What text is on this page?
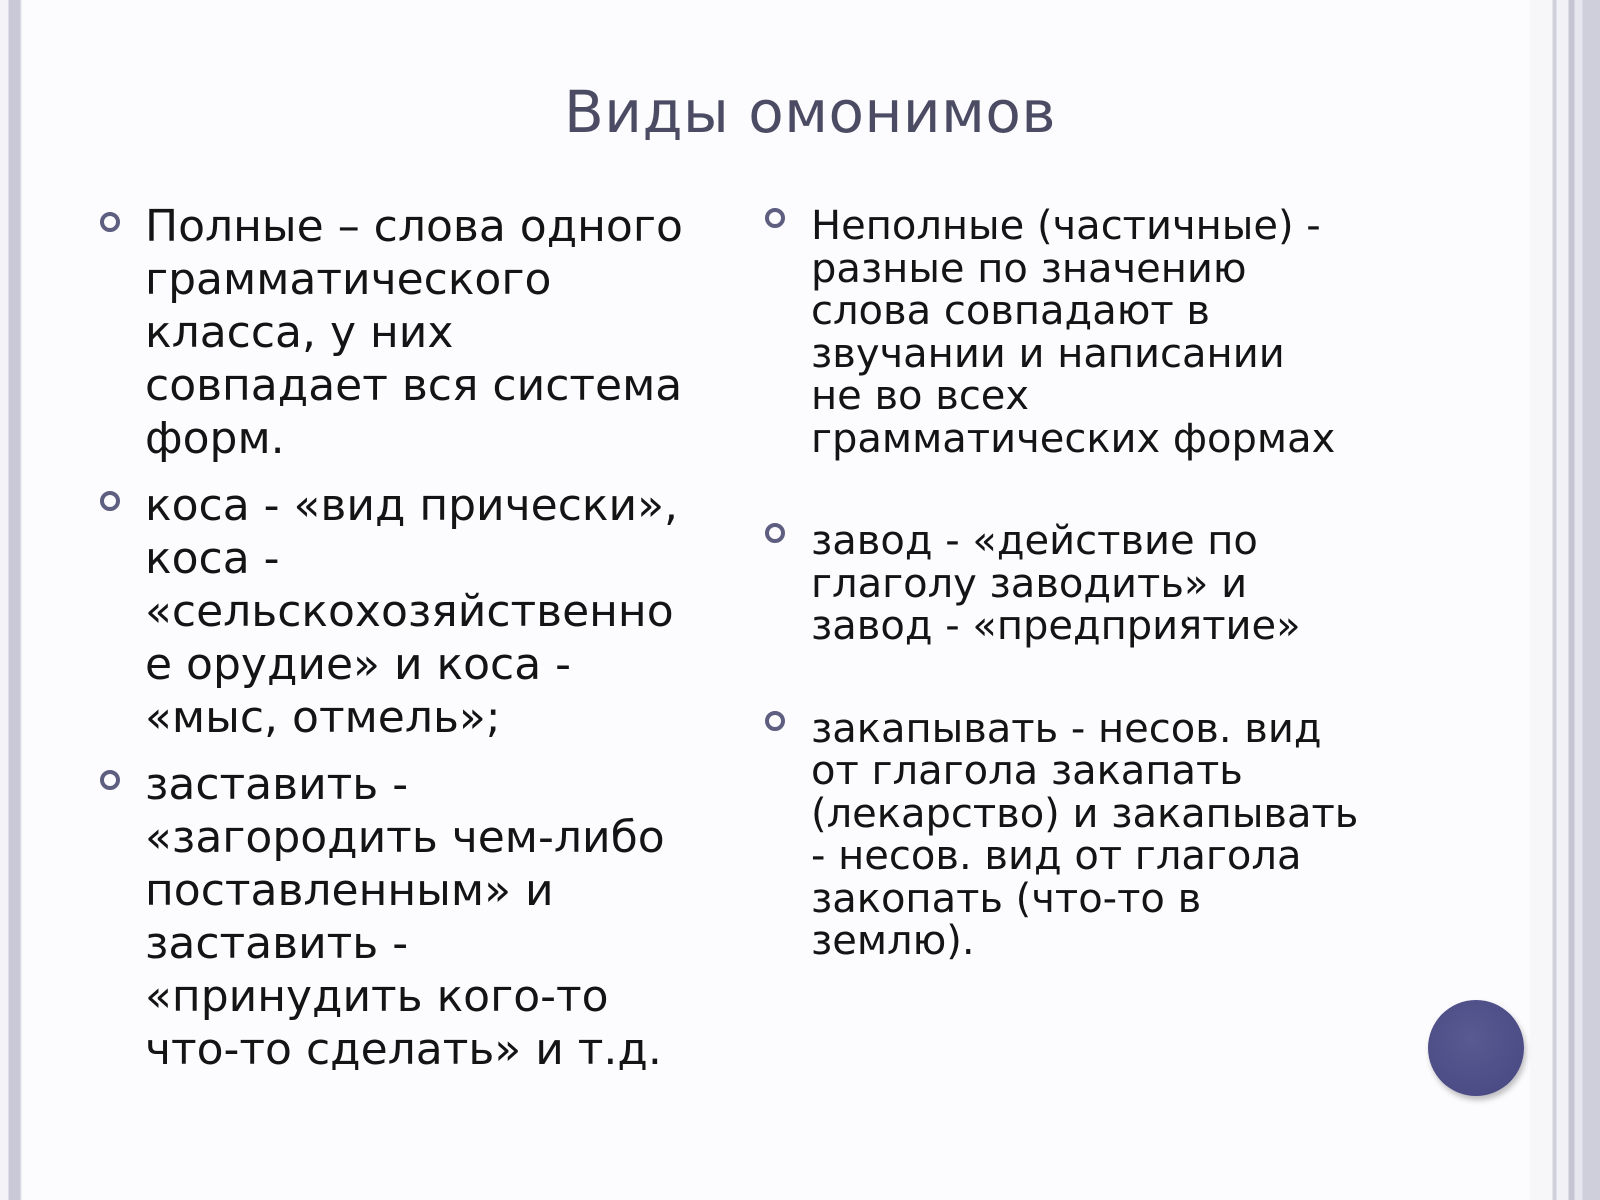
Виды омонимов
Полные – слова одного
грамматического
класса, у них
совпадает вся система
форм.
коса - «вид прически»,
коса -
«сельскохозяйственно
е орудие» и коса -
«мыс, отмель»;
заставить -
«загородить чем-либо
поставленным» и
заставить -
«принудить кого-то
что-то сделать» и т.д.
Неполные (частичные) -
разные по значению
слова совпадают в
звучании и написании
не во всех
грамматических формах
завод - «действие по
глаголу заводить» и
завод - «предприятие»
закапывать - несов. вид
от глагола закапать
(лекарство) и закапывать
- несов. вид от глагола
закопать (что-то в
землю).
